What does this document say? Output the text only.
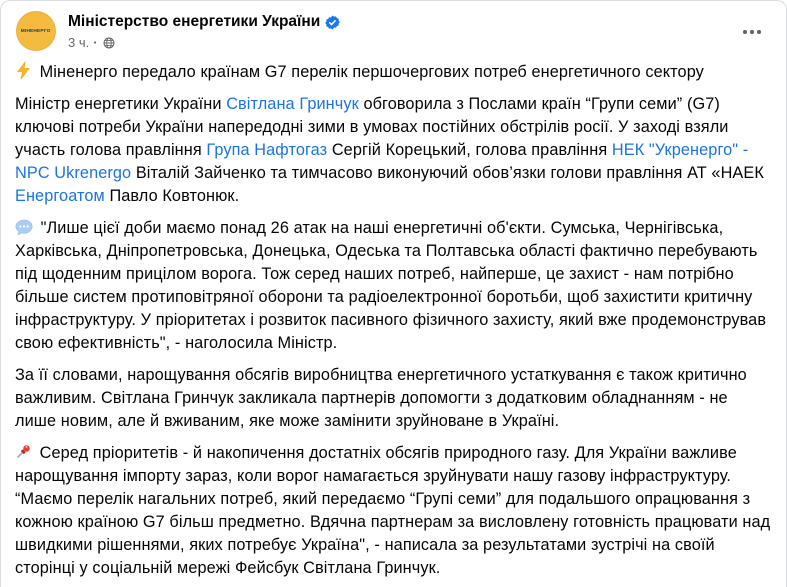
МІНЕНЕРГО
Міністерство енергетики України
3 ч. ·

Міненерго передало країнам G7 перелік першочергових потреб енергетичного сектору

Міністр енергетики України Світлана Гринчук обговорила з Послами країн “Групи семи” (G7) ключові потреби України напередодні зими в умовах постійних обстрілів росії. У заході взяли участь голова правління Група Нафтогаз Сергій Корецький, голова правління НЕК "Укренерго" - NPC Ukrenergo Віталій Зайченко та тимчасово виконуючий обов’язки голови правління АТ «НАЕК Енергоатом Павло Ковтонюк.

"Лише цієї доби маємо понад 26 атак на наші енергетичні об'єкти. Сумська, Чернігівська, Харківська, Дніпропетровська, Донецька, Одеська та Полтавська області фактично перебувають під щоденним прицілом ворога. Тож серед наших потреб, найперше, це захист - нам потрібно більше систем протиповітряної оборони та радіоелектронної боротьби, щоб захистити критичну інфраструктуру. У пріоритетах і розвиток пасивного фізичного захисту, який вже продемонстрував свою ефективність", - наголосила Міністр.

За її словами, нарощування обсягів виробництва енергетичного устаткування є також критично важливим. Світлана Гринчук закликала партнерів допомогти з додатковим обладнанням - не лише новим, але й вживаним, яке може замінити зруйноване в Україні.

Серед пріоритетів - й накопичення достатніх обсягів природного газу. Для України важливе нарощування імпорту зараз, коли ворог намагається зруйнувати нашу газову інфраструктуру. “Маємо перелік нагальних потреб, який передаємо “Групі семи” для подальшого опрацювання з кожною країною G7 більш предметно. Вдячна партнерам за висловлену готовність працювати над швидкими рішеннями, яких потребує Україна", - написала за результатами зустрічі на своїй сторінці у соціальній мережі Фейсбук Світлана Гринчук.
